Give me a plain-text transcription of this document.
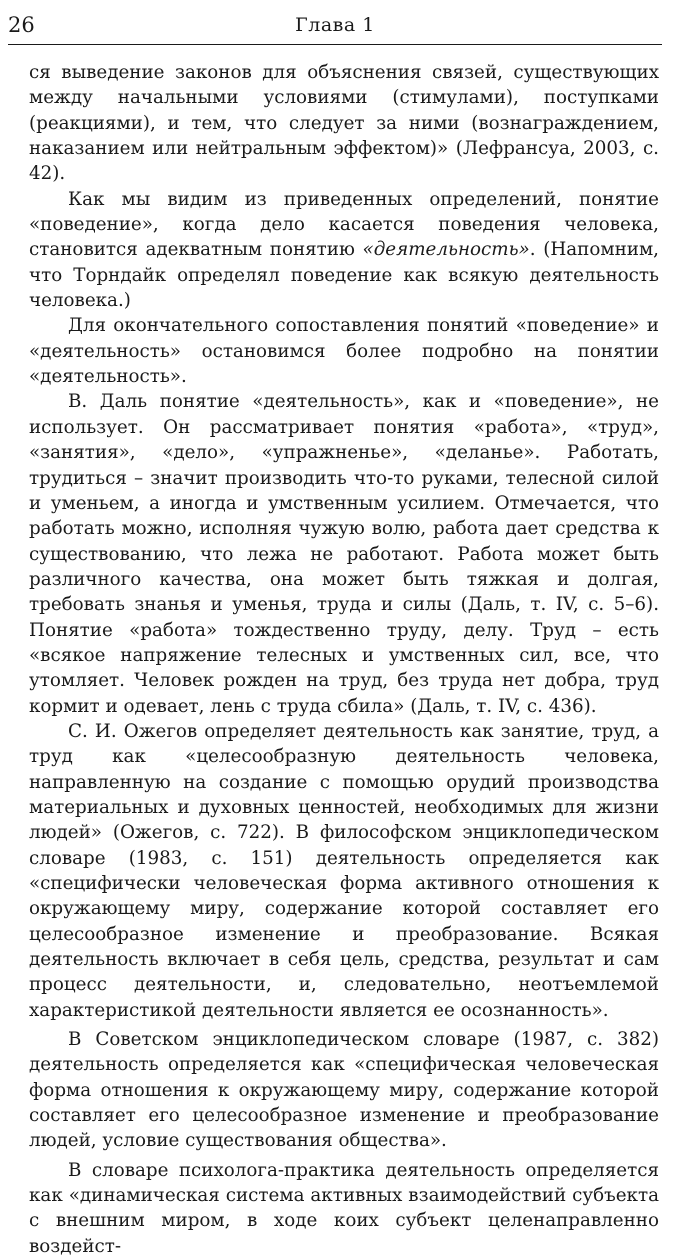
26	Глава 1

ся выведение законов для объяснения связей, существующих между начальными условиями (стимулами), поступками (реакциями), и тем, что следует за ними (вознаграждением, наказанием или нейтральным эффектом)» (Лефрансуа, 2003, с. 42).

Как мы видим из приведенных определений, понятие «поведение», когда дело касается поведения человека, становится адекватным понятию «деятельность». (Напомним, что Торндайк определял поведение как всякую деятельность человека.)

Для окончательного сопоставления понятий «поведение» и «деятельность» остановимся более подробно на понятии «деятельность».

В. Даль понятие «деятельность», как и «поведение», не использует. Он рассматривает понятия «работа», «труд», «занятия», «дело», «упражненье», «деланье». Работать, трудиться – значит производить что-то руками, телесной силой и уменьем, а иногда и умственным усилием. Отмечается, что работать можно, исполняя чужую волю, работа дает средства к существованию, что лежа не работают. Работа может быть различного качества, она может быть тяжкая и долгая, требовать знанья и уменья, труда и силы (Даль, т. IV, с. 5–6). Понятие «работа» тождественно труду, делу. Труд – есть «всякое напряжение телесных и умственных сил, все, что утомляет. Человек рожден на труд, без труда нет добра, труд кормит и одевает, лень с труда сбила» (Даль, т. IV, с. 436).

С. И. Ожегов определяет деятельность как занятие, труд, а труд как «целесообразную деятельность человека, направленную на создание с помощью орудий производства материальных и духовных ценностей, необходимых для жизни людей» (Ожегов, с. 722). В философском энциклопедическом словаре (1983, с. 151) деятельность определяется как «специфически человеческая форма активного отношения к окружающему миру, содержание которой составляет его целесообразное изменение и преобразование. Всякая деятельность включает в себя цель, средства, результат и сам процесс деятельности, и, следовательно, неотъемлемой характеристикой деятельности является ее осознанность».

В Советском энциклопедическом словаре (1987, с. 382) деятельность определяется как «специфическая человеческая форма отношения к окружающему миру, содержание которой составляет его целесообразное изменение и преобразование людей, условие существования общества».

В словаре психолога-практика деятельность определяется как «динамическая система активных взаимодействий субъекта с внешним миром, в ходе коих субъект целенаправленно воздейст-
